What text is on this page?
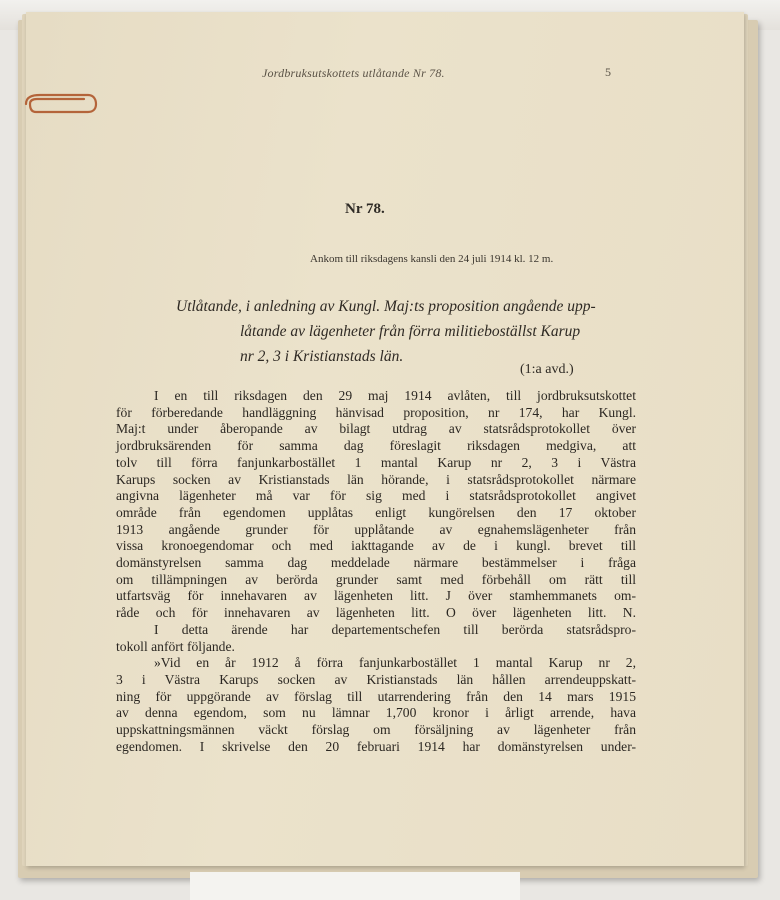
Jordbruksutskottets utlåtande Nr 78.	5
Nr 78.
Ankom till riksdagens kansli den 24 juli 1914 kl. 12 m.
Utlåtande, i anledning av Kungl. Maj:ts proposition angående upp-
låtande av lägenheter från förra militieboställst Karup
nr 2, 3 i Kristianstads län.
(1:a avd.)
I en till riksdagen den 29 maj 1914 avlåten, till jordbruksutskottet
för förberedande handläggning hänvisad proposition, nr 174, har Kungl.
Maj:t under åberopande av bilagt utdrag av statsrådsprotokollet över
jordbruksärenden för samma dag föreslagit riksdagen medgiva, att
tolv till förra fanjunkarbostället 1 mantal Karup nr 2, 3 i Västra
Karups socken av Kristianstads län hörande, i statsrådsprotokollet närmare
angivna lägenheter må var för sig med i statsrådsprotokollet angivet
område från egendomen upplåtas enligt kungörelsen den 17 oktober
1913 angående grunder för upplåtande av egnahemslägenheter från
vissa kronoegendomar och med iakttagande av de i kungl. brevet till
domänstyrelsen samma dag meddelade närmare bestämmelser i fråga
om tillämpningen av berörda grunder samt med förbehåll om rätt till
utfartsväg för innehavaren av lägenheten litt. J över stamhemmanets om-
råde och för innehavaren av lägenheten litt. O över lägenheten litt. N.
I detta ärende har departementschefen till berörda statsrådspro-
tokoll anfört följande.
»Vid en år 1912 å förra fanjunkarbostället 1 mantal Karup nr 2,
3 i Västra Karups socken av Kristianstads län hållen arrendeuppskatt-
ning för uppgörande av förslag till utarrendering från den 14 mars 1915
av denna egendom, som nu lämnar 1,700 kronor i årligt arrende, hava
uppskattningsmännen väckt förslag om försäljning av lägenheter från
egendomen. I skrivelse den 20 februari 1914 har domänstyrelsen under-
